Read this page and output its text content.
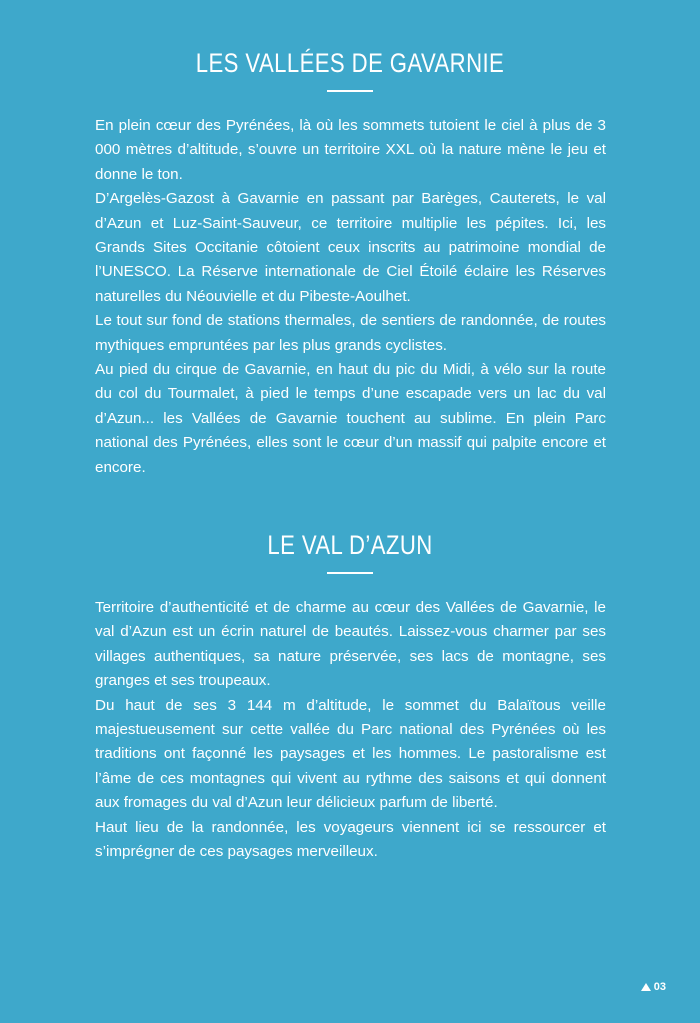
LES VALLÉES DE GAVARNIE

En plein cœur des Pyrénées, là où les sommets tutoient le ciel à plus de 3 000 mètres d’altitude, s’ouvre un territoire XXL où la nature mène le jeu et donne le ton.

D’Argelès-Gazost à Gavarnie en passant par Barèges, Cauterets, le val d’Azun et Luz-Saint-Sauveur, ce territoire multiplie les pépites. Ici, les Grands Sites Occitanie côtoient ceux inscrits au patrimoine mondial de l’UNESCO. La Réserve internationale de Ciel Étoilé éclaire les Réserves naturelles du Néouvielle et du Pibeste-Aoulhet.

Le tout sur fond de stations thermales, de sentiers de randonnée, de routes mythiques empruntées par les plus grands cyclistes.

Au pied du cirque de Gavarnie, en haut du pic du Midi, à vélo sur la route du col du Tourmalet, à pied le temps d’une escapade vers un lac du val d’Azun... les Vallées de Gavarnie touchent au sublime. En plein Parc national des Pyrénées, elles sont le cœur d’un massif qui palpite encore et encore.

LE VAL D’AZUN

Territoire d’authenticité et de charme au cœur des Vallées de Gavarnie, le val d’Azun est un écrin naturel de beautés. Laissez-vous charmer par ses villages authentiques, sa nature préservée, ses lacs de montagne, ses granges et ses troupeaux.

Du haut de ses 3 144 m d’altitude, le sommet du Balaïtous veille majestueusement sur cette vallée du Parc national des Pyrénées où les traditions ont façonné les paysages et les hommes. Le pastoralisme est l’âme de ces montagnes qui vivent au rythme des saisons et qui donnent aux fromages du val d’Azun leur délicieux parfum de liberté.

Haut lieu de la randonnée, les voyageurs viennent ici se ressourcer et s’imprégner de ces paysages merveilleux.

03
